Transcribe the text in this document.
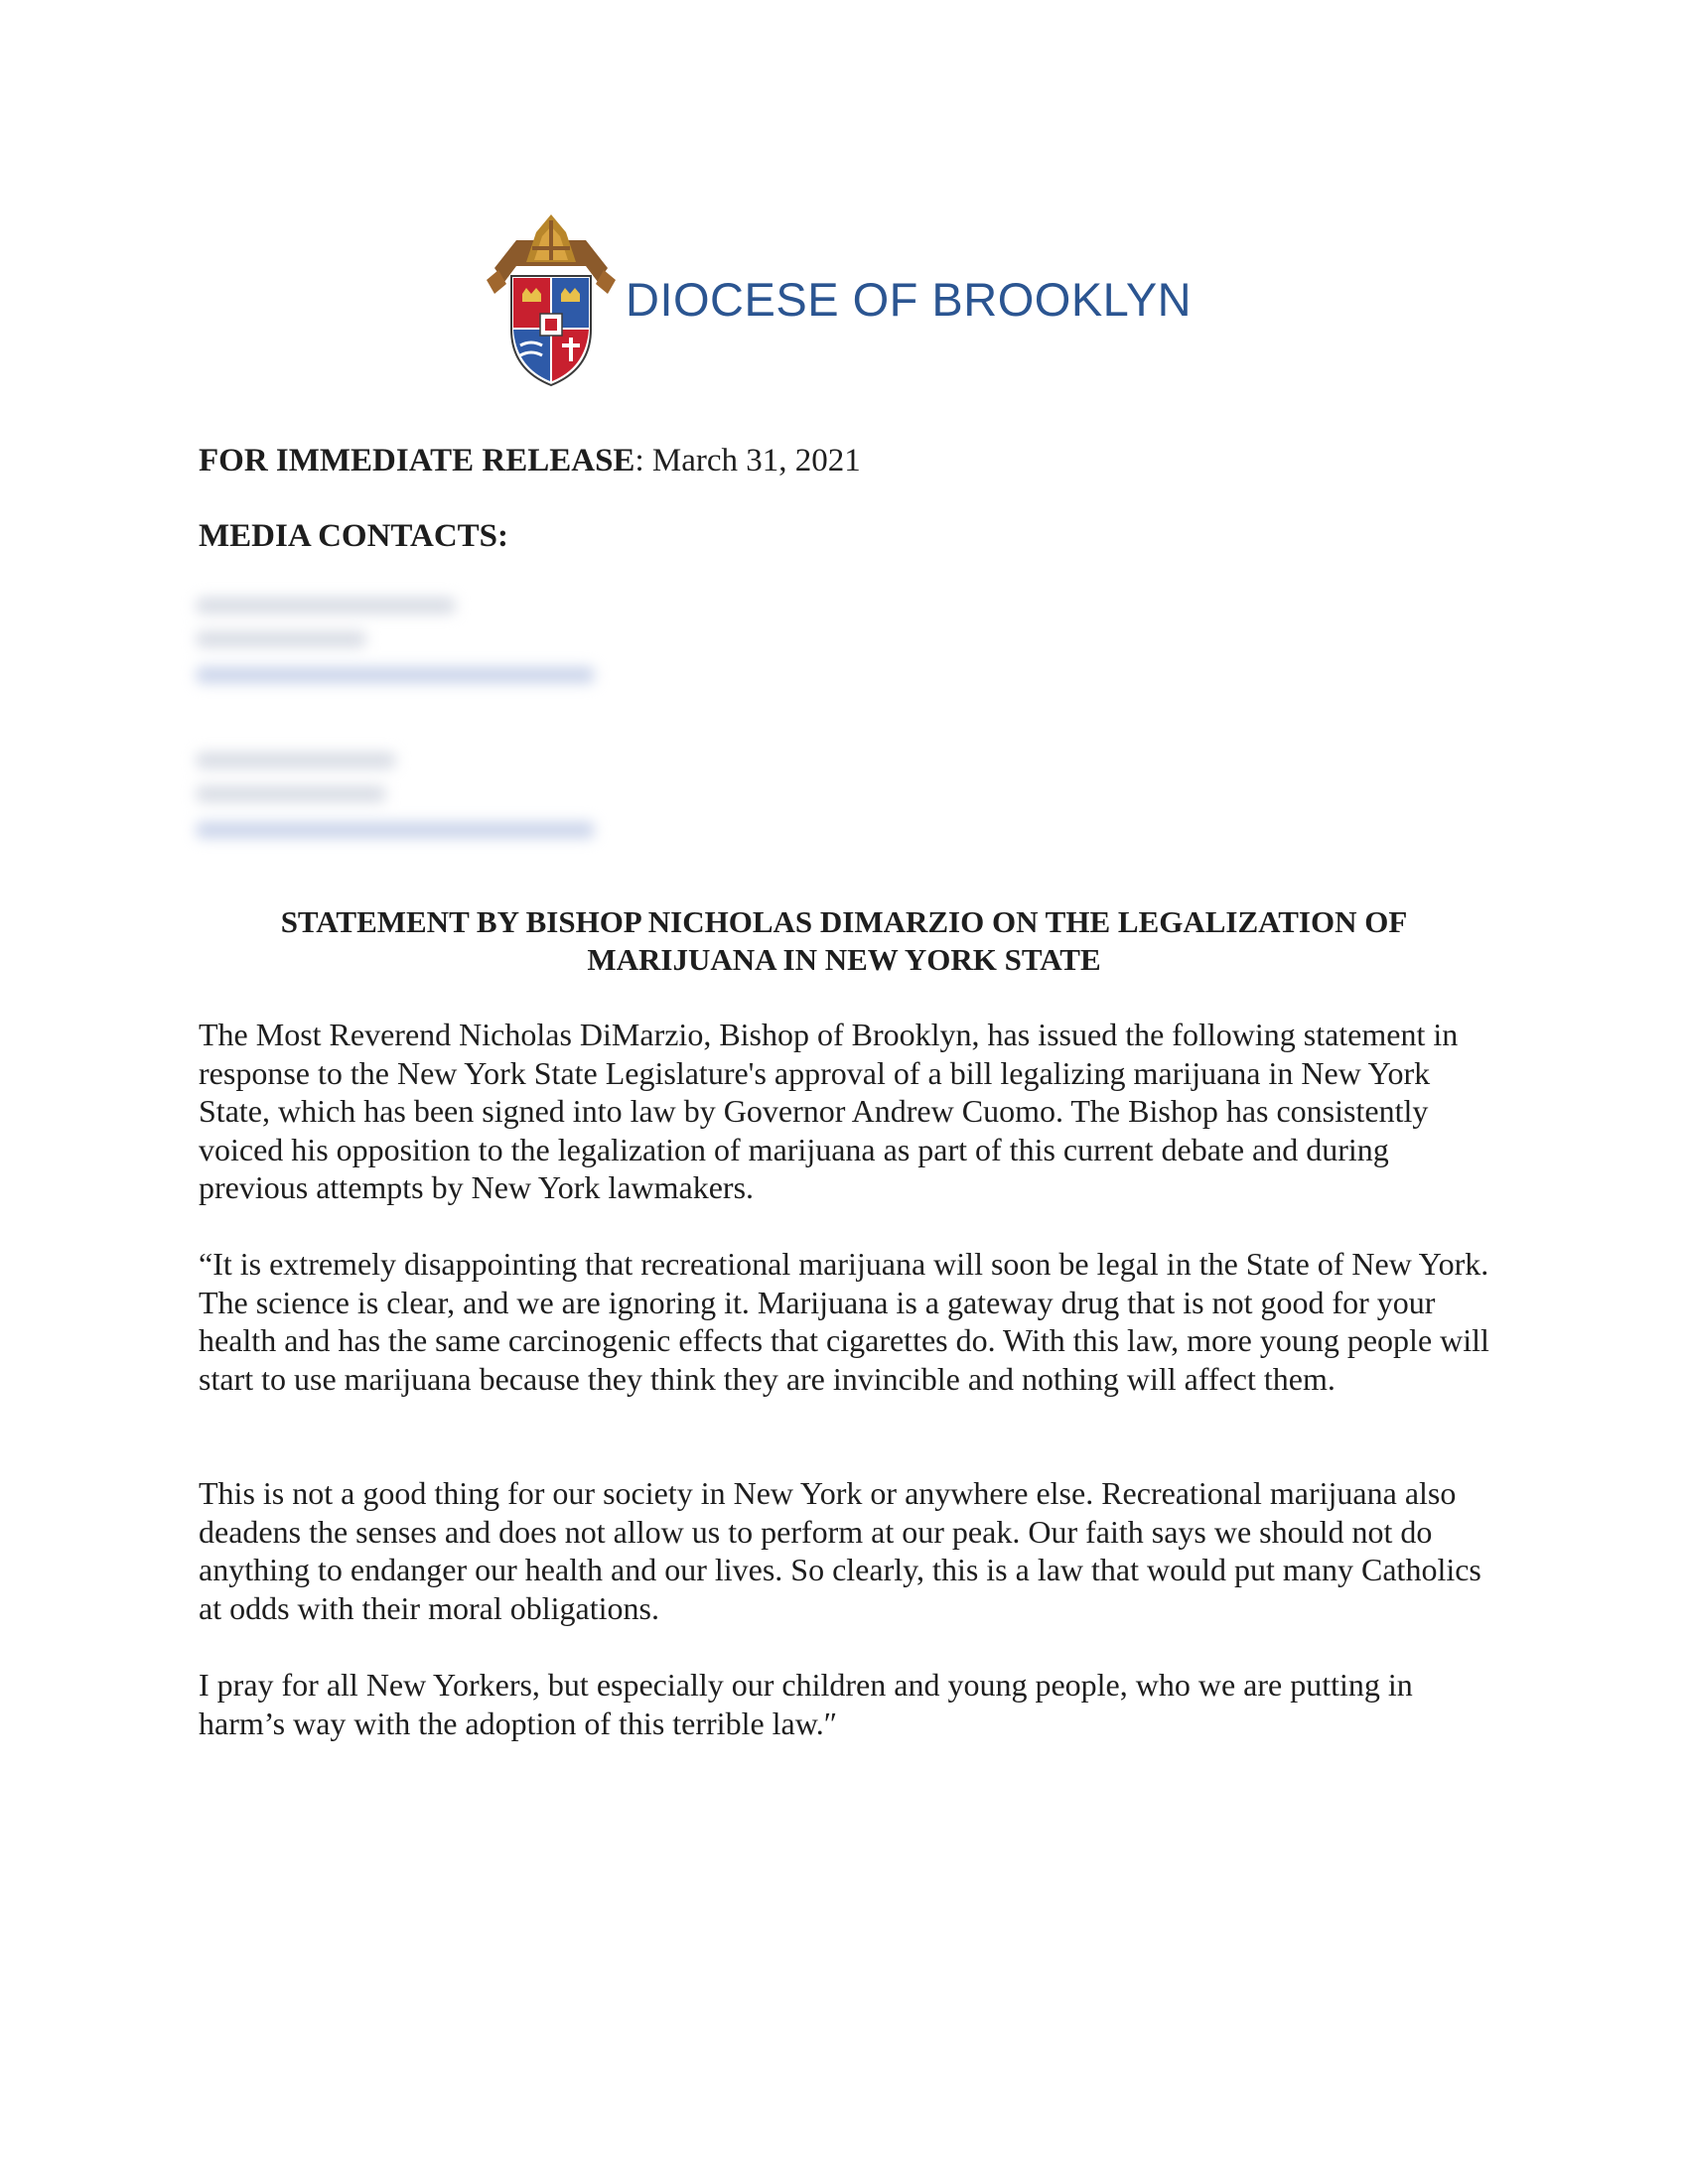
DIOCESE OF BROOKLYN
FOR IMMEDIATE RELEASE: March 31, 2021
MEDIA CONTACTS:
STATEMENT BY BISHOP NICHOLAS DIMARZIO ON THE LEGALIZATION OF MARIJUANA IN NEW YORK STATE

The Most Reverend Nicholas DiMarzio, Bishop of Brooklyn, has issued the following statement in response to the New York State Legislature's approval of a bill legalizing marijuana in New York State, which has been signed into law by Governor Andrew Cuomo. The Bishop has consistently voiced his opposition to the legalization of marijuana as part of this current debate and during previous attempts by New York lawmakers.

“It is extremely disappointing that recreational marijuana will soon be legal in the State of New York. The science is clear, and we are ignoring it. Marijuana is a gateway drug that is not good for your health and has the same carcinogenic effects that cigarettes do. With this law, more young people will start to use marijuana because they think they are invincible and nothing will affect them.

This is not a good thing for our society in New York or anywhere else. Recreational marijuana also deadens the senses and does not allow us to perform at our peak. Our faith says we should not do anything to endanger our health and our lives. So clearly, this is a law that would put many Catholics at odds with their moral obligations.

I pray for all New Yorkers, but especially our children and young people, who we are putting in harm’s way with the adoption of this terrible law.″
